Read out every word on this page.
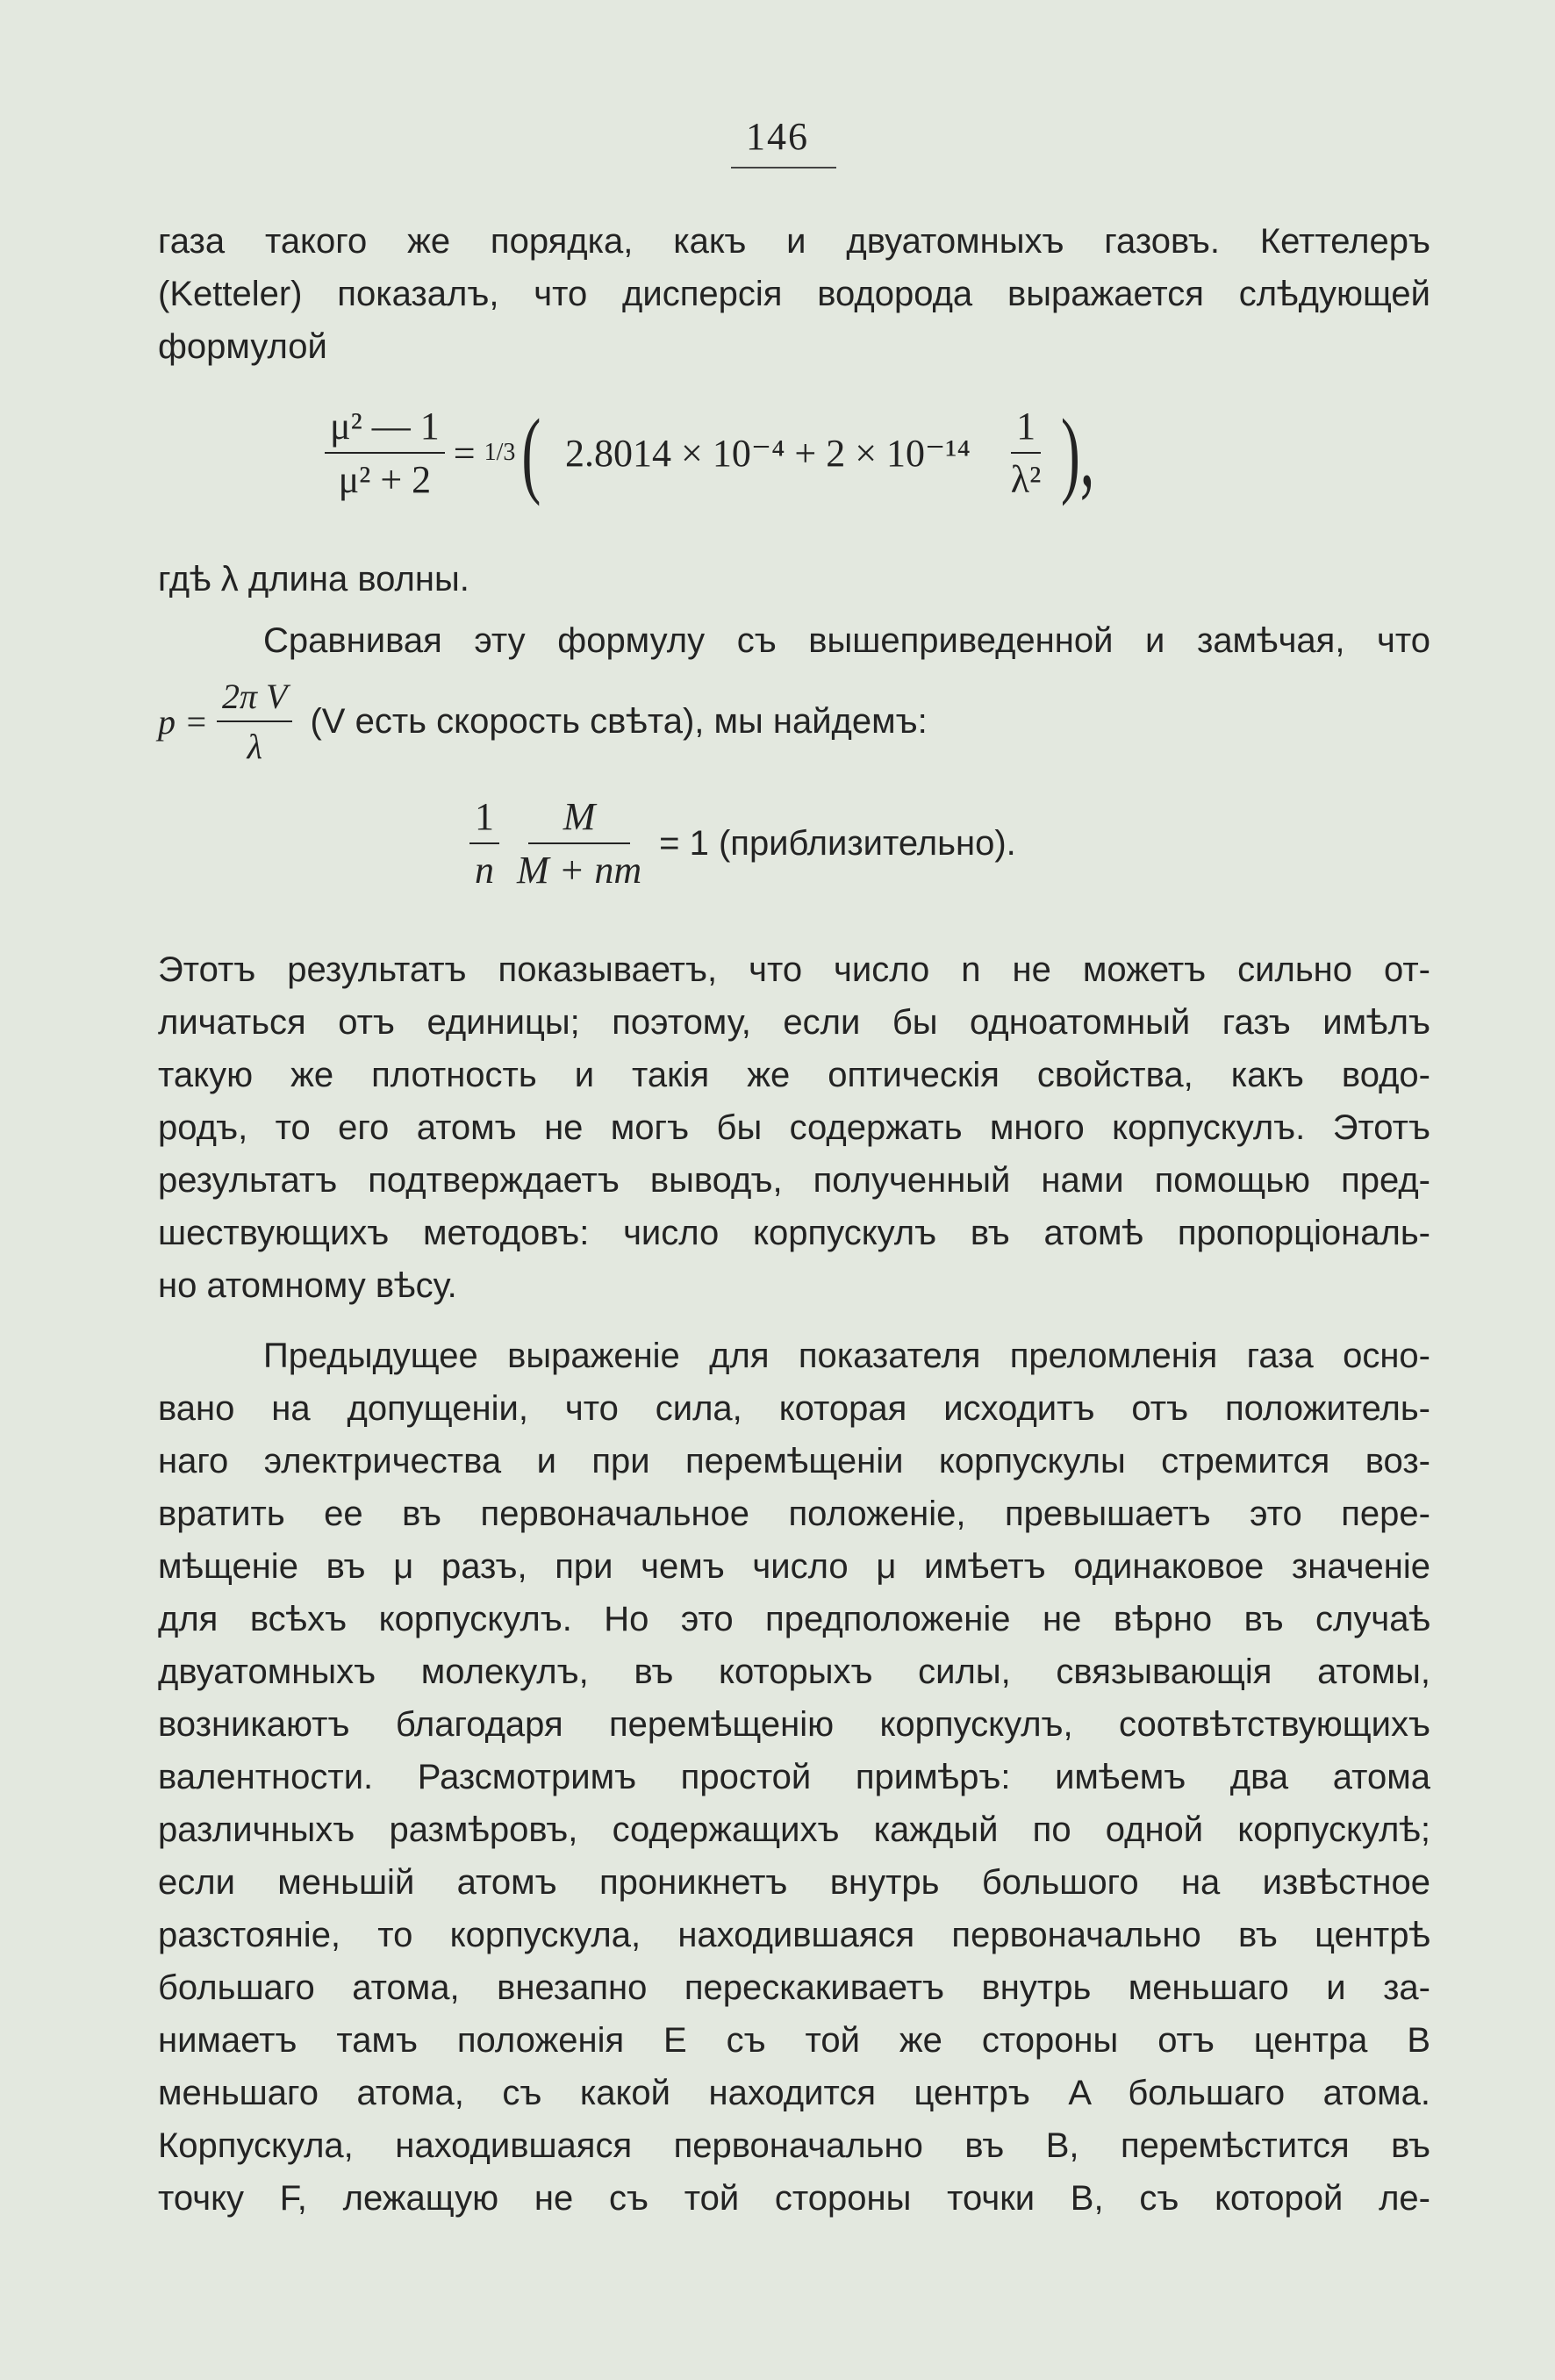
146
газа такого же порядка, какъ и двуатомныхъ газовъ. Кеттелеръ
(Ketteler) показалъ, что дисперсія водорода выражается слѣдующей
формулой
$\frac{\text{μ² — 1}}{\text{μ² + 2}} = 1/3$ ( $2.8014 \times 10^{-4} + 2 \times 10^{-14} \frac{1}{\text{λ²}}$ ),
гдѣ λ длина волны.
Сравнивая эту формулу съ вышеприведенной и замѣчая, что
$p = \frac{\text{2π V}}{\lambda} (V$ есть скорость свѣта), мы найдемъ:
$\frac{1}{n} \frac{M}{M + nm} = 1$ (приблизительно).
Этотъ результатъ показываетъ, что число n не можетъ сильно от-
личаться отъ единицы; поэтому, если бы одноатомный газъ имѣлъ
такую же плотность и такія же оптическія свойства, какъ водо-
родъ, то его атомъ не могъ бы содержать много корпускулъ. Этотъ
результатъ подтверждаетъ выводъ, полученный нами помощью пред-
шествующихъ методовъ: число корпускулъ въ атомѣ пропорціональ-
но атомному вѣсу.
Предыдущее выраженіе для показателя преломленія газа осно-
вано на допущеніи, что сила, которая исходитъ отъ положитель-
наго электричества и при перемѣщеніи корпускулы стремится воз-
вратить ее въ первоначальное положеніе, превышаетъ это пере-
мѣщеніе въ μ разъ, при чемъ число μ имѣетъ одинаковое значеніе
для всѣхъ корпускулъ. Но это предположеніе не вѣрно въ случаѣ
двуатомныхъ молекулъ, въ которыхъ силы, связывающія атомы,
возникаютъ благодаря перемѣщенію корпускулъ, соотвѣтствующихъ
валентности. Разсмотримъ простой примѣръ: имѣемъ два атома
различныхъ размѣровъ, содержащихъ каждый по одной корпускулѣ;
если меньшій атомъ проникнетъ внутрь большого на извѣстное
разстояніе, то корпускула, находившаяся первоначально въ центрѣ
большаго атома, внезапно перескакиваетъ внутрь меньшаго и за-
нимаетъ тамъ положенія E съ той же стороны отъ центра B
меньшаго атома, съ какой находится центръ A большаго атома.
Корпускула, находившаяся первоначально въ B, перемѣстится въ
точку F, лежащую не съ той стороны точки B, съ которой ле-
